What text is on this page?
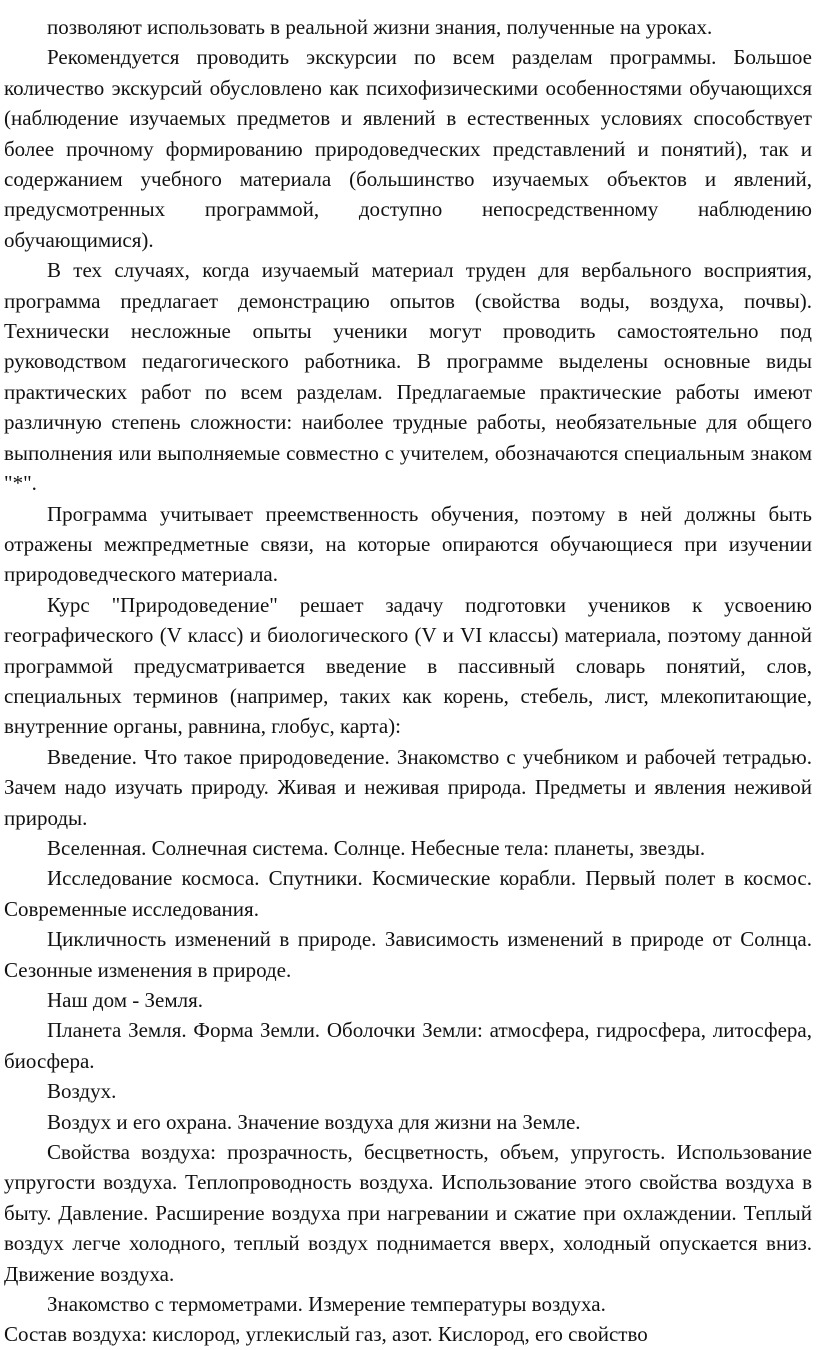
позволяют использовать в реальной жизни знания, полученные на уроках.

Рекомендуется проводить экскурсии по всем разделам программы. Большое количество экскурсий обусловлено как психофизическими особенностями обучающихся (наблюдение изучаемых предметов и явлений в естественных условиях способствует более прочному формированию природоведческих представлений и понятий), так и содержанием учебного материала (большинство изучаемых объектов и явлений, предусмотренных программой, доступно непосредственному наблюдению обучающимися).

В тех случаях, когда изучаемый материал труден для вербального восприятия, программа предлагает демонстрацию опытов (свойства воды, воздуха, почвы). Технически несложные опыты ученики могут проводить самостоятельно под руководством педагогического работника. В программе выделены основные виды практических работ по всем разделам. Предлагаемые практические работы имеют различную степень сложности: наиболее трудные работы, необязательные для общего выполнения или выполняемые совместно с учителем, обозначаются специальным знаком "*".

Программа учитывает преемственность обучения, поэтому в ней должны быть отражены межпредметные связи, на которые опираются обучающиеся при изучении природоведческого материала.

Курс "Природоведение" решает задачу подготовки учеников к усвоению географического (V класс) и биологического (V и VI классы) материала, поэтому данной программой предусматривается введение в пассивный словарь понятий, слов, специальных терминов (например, таких как корень, стебель, лист, млекопитающие, внутренние органы, равнина, глобус, карта):

Введение. Что такое природоведение. Знакомство с учебником и рабочей тетрадью. Зачем надо изучать природу. Живая и неживая природа. Предметы и явления неживой природы.

Вселенная. Солнечная система. Солнце. Небесные тела: планеты, звезды.

Исследование космоса. Спутники. Космические корабли. Первый полет в космос. Современные исследования.

Цикличность изменений в природе. Зависимость изменений в природе от Солнца. Сезонные изменения в природе.

Наш дом - Земля.

Планета Земля. Форма Земли. Оболочки Земли: атмосфера, гидросфера, литосфера, биосфера.

Воздух.

Воздух и его охрана. Значение воздуха для жизни на Земле.

Свойства воздуха: прозрачность, бесцветность, объем, упругость. Использование упругости воздуха. Теплопроводность воздуха. Использование этого свойства воздуха в быту. Давление. Расширение воздуха при нагревании и сжатие при охлаждении. Теплый воздух легче холодного, теплый воздух поднимается вверх, холодный опускается вниз. Движение воздуха.

Знакомство с термометрами. Измерение температуры воздуха.

Состав воздуха: кислород, углекислый газ, азот. Кислород, его свойство
